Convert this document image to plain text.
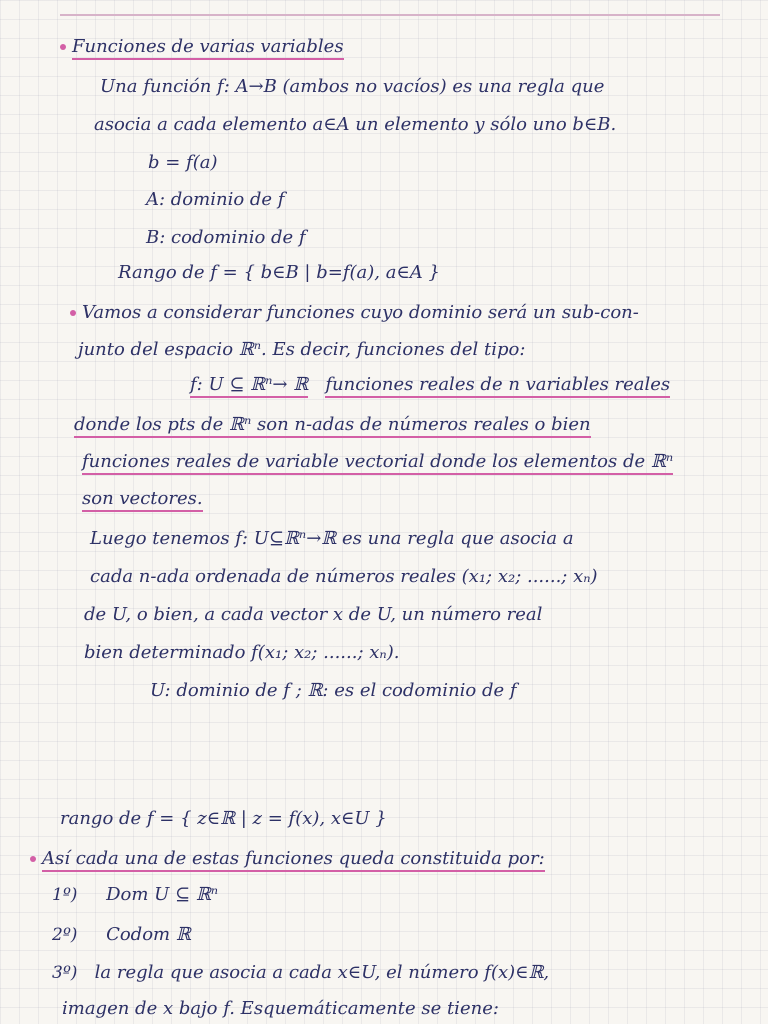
Funciones de varias variables
Una función f: A→B (ambos no vacíos) es una regla que
asocia a cada elemento a∈A un elemento y sólo uno b∈B.
b = f(a)
A: dominio de f
B: codominio de f
Rango de f = { b∈B | b=f(a), a∈A }
Vamos a considerar funciones cuyo dominio será un sub-con-
junto del espacio ℝⁿ. Es decir, funciones del tipo:
f: U ⊆ ℝⁿ→ ℝ funciones reales de n variables reales
donde los pts de ℝⁿ son n-adas de números reales o bien
funciones reales de variable vectorial donde los elementos de ℝⁿ
son vectores.
Luego tenemos f: U⊆ℝⁿ→ℝ es una regla que asocia a
cada n-ada ordenada de números reales (x₁; x₂; ......; xₙ)
de U, o bien, a cada vector x de U, un número real
bien determinado f(x₁; x₂; ......; xₙ).
U: dominio de f ; ℝ: es el codominio de f
rango de f = { z∈ℝ | z = f(x), x∈U }
Así cada una de estas funciones queda constituida por:
1º) Dom U ⊆ ℝⁿ
2º) Codom ℝ
3º) la regla que asocia a cada x∈U, el número f(x)∈ℝ,
imagen de x bajo f. Esquemáticamente se tiene:
